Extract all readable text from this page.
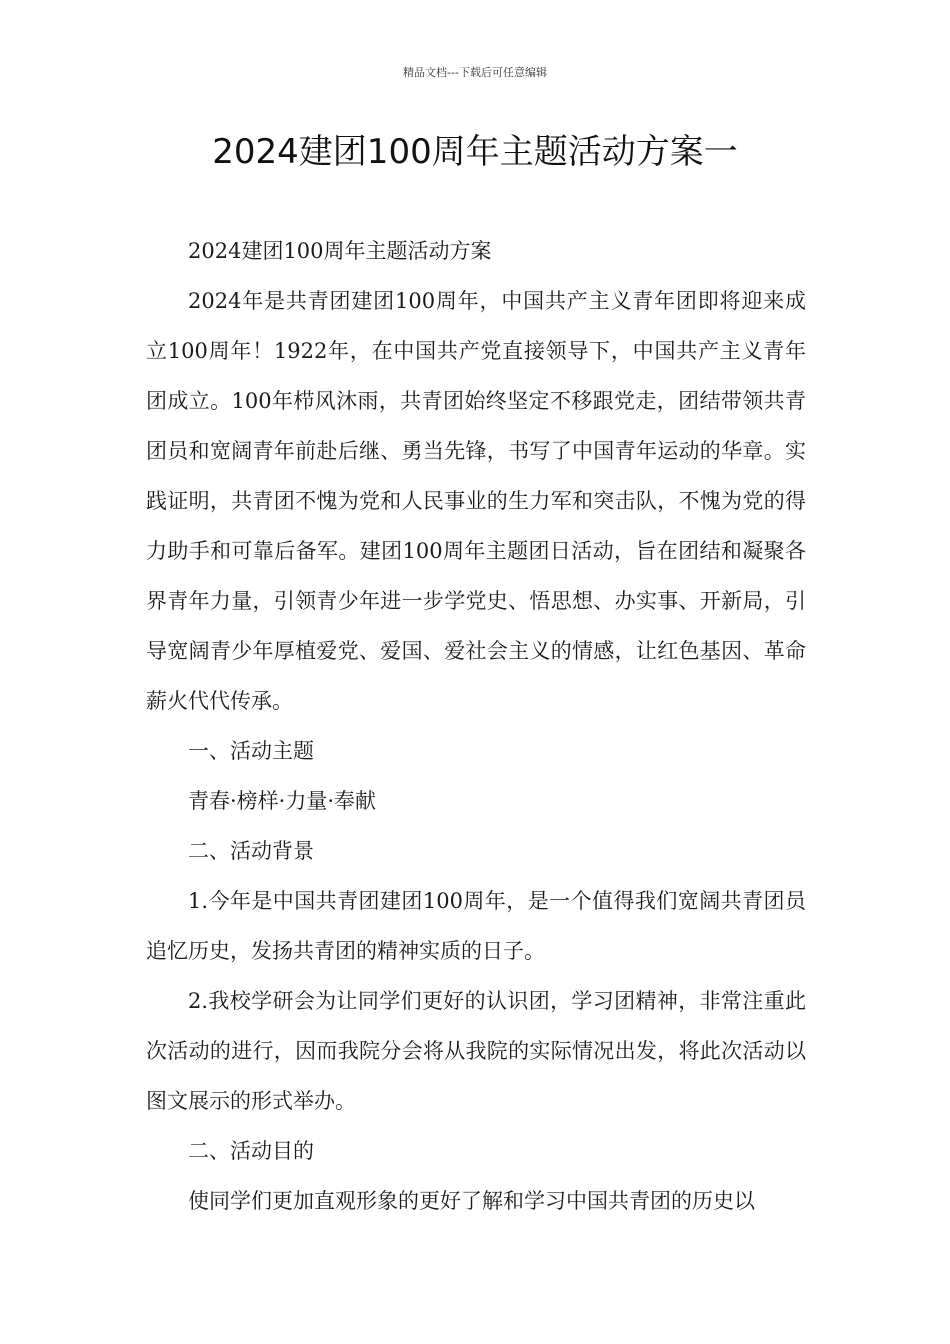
精品文档---下载后可任意编辑
2024建团100周年主题活动方案一

2024建团100周年主题活动方案

2024年是共青团建团100周年，中国共产主义青年团即将迎来成立100周年！1922年，在中国共产党直接领导下，中国共产主义青年团成立。100年栉风沐雨，共青团始终坚定不移跟党走，团结带领共青团员和宽阔青年前赴后继、勇当先锋，书写了中国青年运动的华章。实践证明，共青团不愧为党和人民事业的生力军和突击队，不愧为党的得力助手和可靠后备军。建团100周年主题团日活动，旨在团结和凝聚各界青年力量，引领青少年进一步学党史、悟思想、办实事、开新局，引导宽阔青少年厚植爱党、爱国、爱社会主义的情感，让红色基因、革命薪火代代传承。

一、活动主题

青春·榜样·力量·奉献

二、活动背景

1.今年是中国共青团建团100周年，是一个值得我们宽阔共青团员追忆历史，发扬共青团的精神实质的日子。

2.我校学研会为让同学们更好的认识团，学习团精神，非常注重此次活动的进行，因而我院分会将从我院的实际情况出发，将此次活动以图文展示的形式举办。

二、活动目的

使同学们更加直观形象的更好了解和学习中国共青团的历史以
